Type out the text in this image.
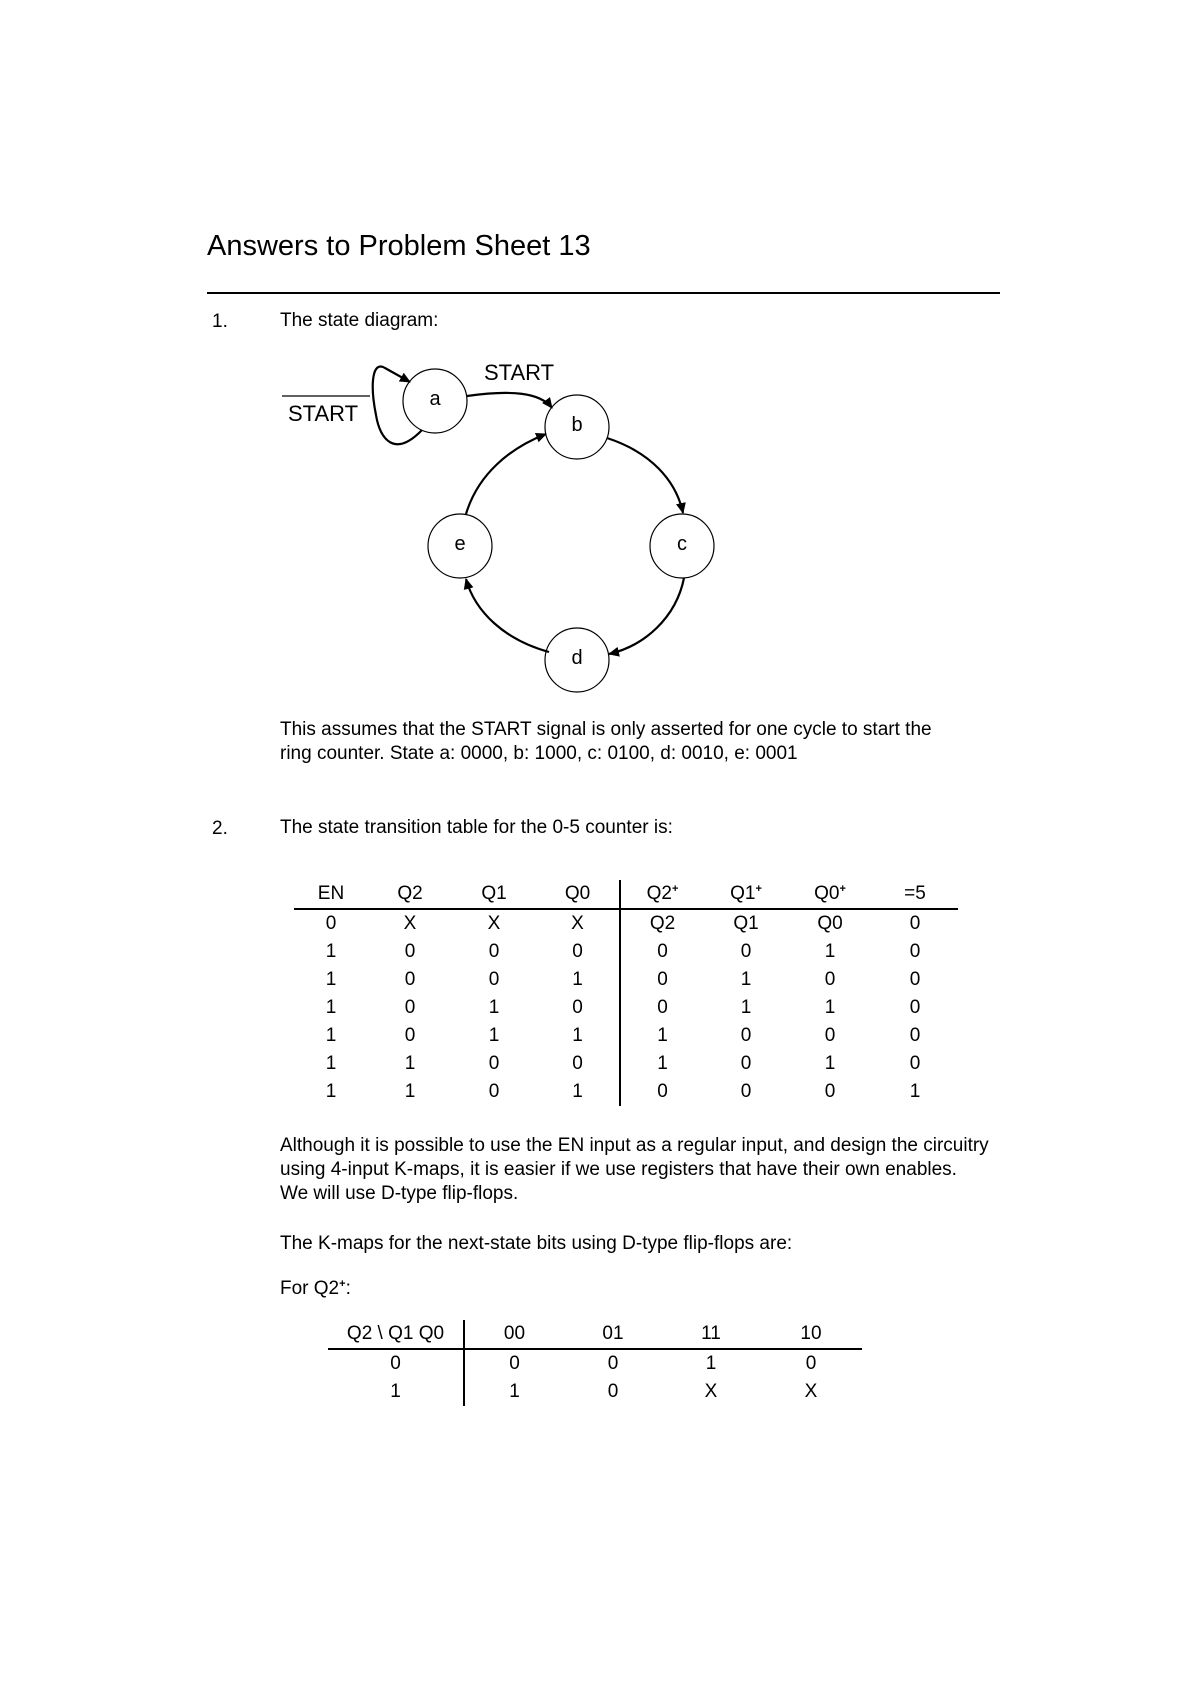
Answers to Problem Sheet 13
1.	The state diagram:
a
b
c
d
e
START
START
This assumes that the START signal is only asserted for one cycle to start the
ring counter. State a: 0000, b: 1000, c: 0100, d: 0010, e: 0001
2.	The state transition table for the 0-5 counter is:
EN	Q2	Q1	Q0	Q2+	Q1+	Q0+	=5
0	X	X	X	Q2	Q1	Q0	0
1	0	0	0	0	0	1	0
1	0	0	1	0	1	0	0
1	0	1	0	0	1	1	0
1	0	1	1	1	0	0	0
1	1	0	0	1	0	1	0
1	1	0	1	0	0	0	1
Although it is possible to use the EN input as a regular input, and design the circuitry using 4-input K-maps, it is easier if we use registers that have their own enables. We will use D-type flip-flops.
The K-maps for the next-state bits using D-type flip-flops are:
For Q2+:
Q2 \ Q1 Q0	00	01	11	10
0	0	0	1	0
1	1	0	X	X
